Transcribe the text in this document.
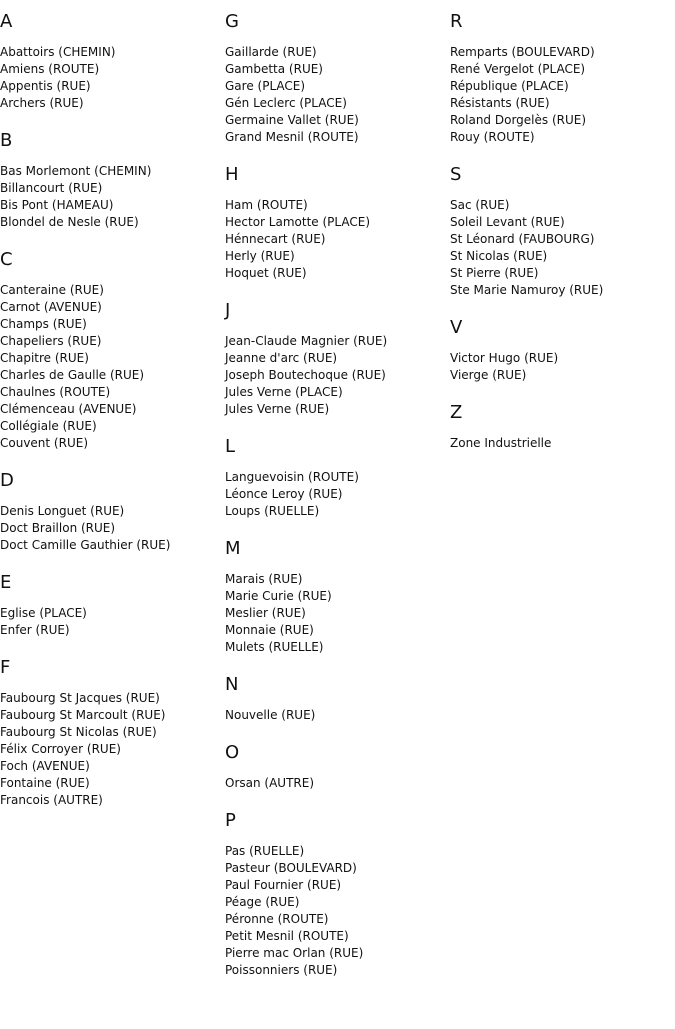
A
Abattoirs (CHEMIN)
Amiens (ROUTE)
Appentis (RUE)
Archers (RUE)
B
Bas Morlemont (CHEMIN)
Billancourt (RUE)
Bis Pont (HAMEAU)
Blondel de Nesle (RUE)
C
Canteraine (RUE)
Carnot (AVENUE)
Champs (RUE)
Chapeliers (RUE)
Chapitre (RUE)
Charles de Gaulle (RUE)
Chaulnes (ROUTE)
Clémenceau (AVENUE)
Collégiale (RUE)
Couvent (RUE)
D
Denis Longuet (RUE)
Doct Braillon (RUE)
Doct Camille Gauthier (RUE)
E
Eglise (PLACE)
Enfer (RUE)
F
Faubourg St Jacques (RUE)
Faubourg St Marcoult (RUE)
Faubourg St Nicolas (RUE)
Félix Corroyer (RUE)
Foch (AVENUE)
Fontaine (RUE)
Francois (AUTRE)
G
Gaillarde (RUE)
Gambetta (RUE)
Gare (PLACE)
Gén Leclerc (PLACE)
Germaine Vallet (RUE)
Grand Mesnil (ROUTE)
H
Ham (ROUTE)
Hector Lamotte (PLACE)
Hénnecart (RUE)
Herly (RUE)
Hoquet (RUE)
J
Jean-Claude Magnier (RUE)
Jeanne d'arc (RUE)
Joseph Boutechoque (RUE)
Jules Verne (PLACE)
Jules Verne (RUE)
L
Languevoisin (ROUTE)
Léonce Leroy (RUE)
Loups (RUELLE)
M
Marais (RUE)
Marie Curie (RUE)
Meslier (RUE)
Monnaie (RUE)
Mulets (RUELLE)
N
Nouvelle (RUE)
O
Orsan (AUTRE)
P
Pas (RUELLE)
Pasteur (BOULEVARD)
Paul Fournier (RUE)
Péage (RUE)
Péronne (ROUTE)
Petit Mesnil (ROUTE)
Pierre mac Orlan (RUE)
Poissonniers (RUE)
R
Remparts (BOULEVARD)
René Vergelot (PLACE)
République (PLACE)
Résistants (RUE)
Roland Dorgelès (RUE)
Rouy (ROUTE)
S
Sac (RUE)
Soleil Levant (RUE)
St Léonard (FAUBOURG)
St Nicolas (RUE)
St Pierre (RUE)
Ste Marie Namuroy (RUE)
V
Victor Hugo (RUE)
Vierge (RUE)
Z
Zone Industrielle
